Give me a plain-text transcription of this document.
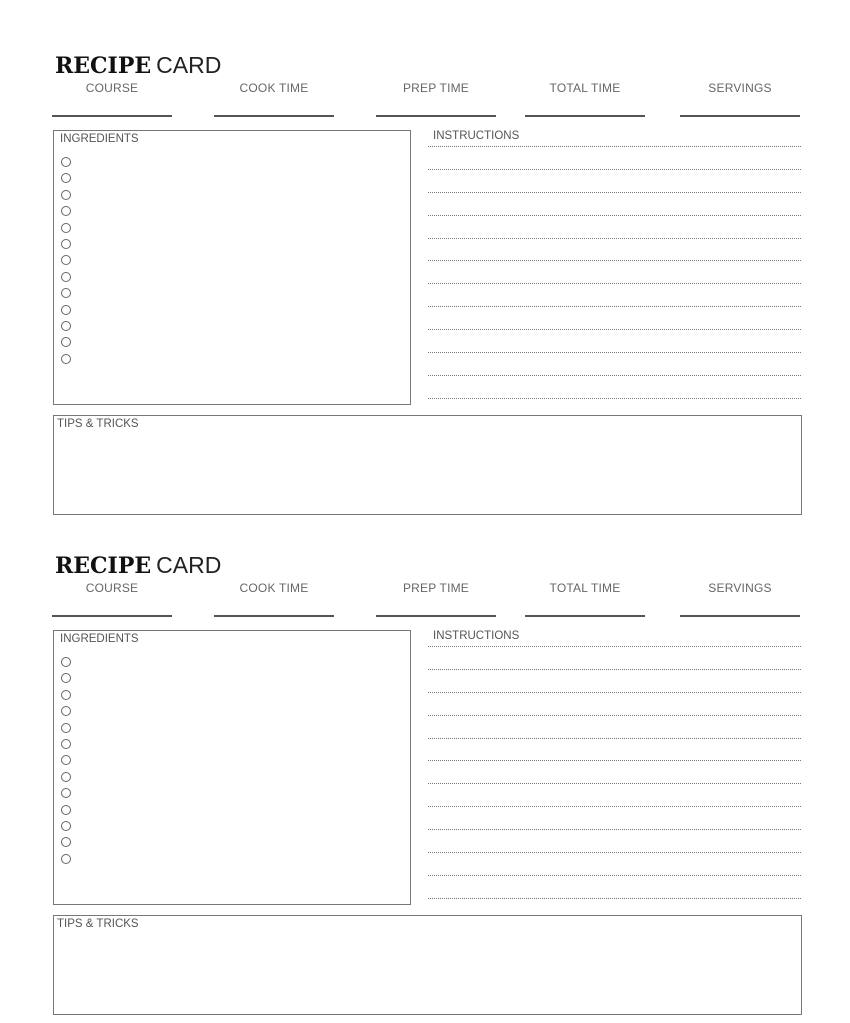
RECIPE CARD
COURSE	COOK TIME	PREP TIME	TOTAL TIME	SERVINGS
INGREDIENTS	INSTRUCTIONS
TIPS & TRICKS
RECIPE CARD
COURSE	COOK TIME	PREP TIME	TOTAL TIME	SERVINGS
INGREDIENTS	INSTRUCTIONS
TIPS & TRICKS
